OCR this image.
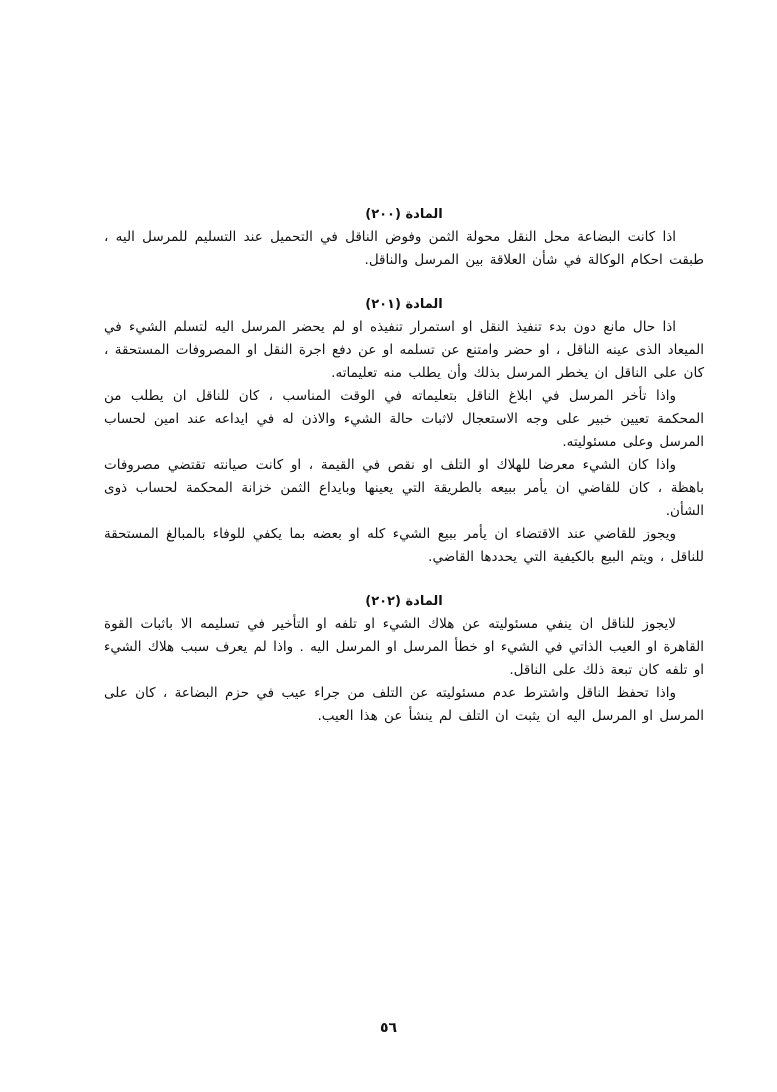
المادة (٢٠٠)

اذا كانت البضاعة محل النقل محولة الثمن وفوض الناقل في التحميل عند التسليم للمرسل اليه ، طبقت احكام الوكالة في شأن العلاقة بين المرسل والناقل.

المادة (٢٠١)

اذا حال مانع دون بدء تنفيذ النقل او استمرار تنفيذه او لم يحضر المرسل اليه لتسلم الشيء في الميعاد الذى عينه الناقل ، او حضر وامتنع عن تسلمه او عن دفع اجرة النقل او المصروفات المستحقة ، كان على الناقل ان يخطر المرسل بذلك وأن يطلب منه تعليماته.

واذا تأخر المرسل في ابلاغ الناقل بتعليماته في الوقت المناسب ، كان للناقل ان يطلب من المحكمة تعيين خبير على وجه الاستعجال لاثبات حالة الشيء والاذن له في ايداعه عند امين لحساب المرسل وعلى مسئوليته.

واذا كان الشيء معرضا للهلاك او التلف او نقص في القيمة ، او كانت صيانته تقتضي مصروفات باهظة ، كان للقاضي ان يأمر ببيعه بالطريقة التي يعينها وبايداع الثمن خزانة المحكمة لحساب ذوى الشأن.

ويجوز للقاضي عند الاقتضاء ان يأمر ببيع الشيء كله او بعضه بما يكفي للوفاء بالمبالغ المستحقة للناقل ، ويتم البيع بالكيفية التي يحددها القاضي.

المادة (٢٠٢)

لايجوز للناقل ان ينفي مسئوليته عن هلاك الشيء او تلفه او التأخير في تسليمه الا باثبات القوة القاهرة او العيب الذاتي في الشيء او خطأ المرسل او المرسل اليه . واذا لم يعرف سبب هلاك الشيء او تلفه كان تبعة ذلك على الناقل.

واذا تحفظ الناقل واشترط عدم مسئوليته عن التلف من جراء عيب في حزم البضاعة ، كان على المرسل او المرسل اليه ان يثبت ان التلف لم ينشأ عن هذا العيب.

٥٦
